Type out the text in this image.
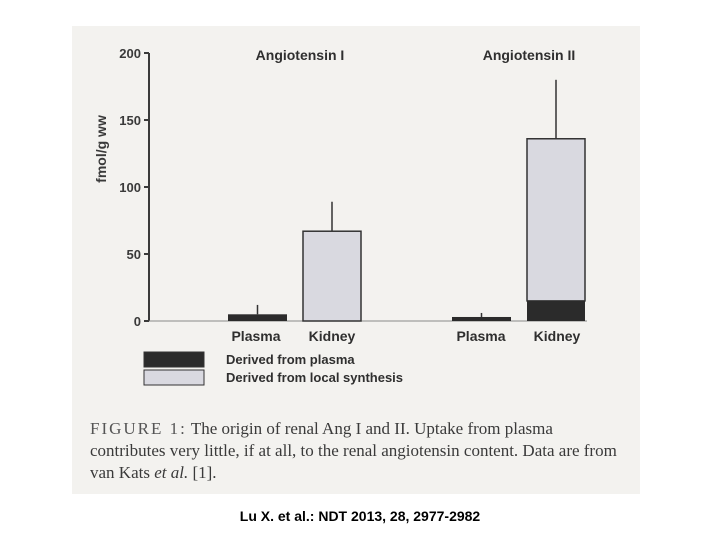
0
50
100
150
200
fmol/g ww
Angiotensin I
Plasma Kidney
Angiotensin II
Plasma Kidney
Derived from plasma
Derived from local synthesis

FIGURE 1: The origin of renal Ang I and II. Uptake from plasma contributes very little, if at all, to the renal angiotensin content. Data are from van Kats et al. [1].

Lu X. et al.: NDT 2013, 28, 2977-2982
